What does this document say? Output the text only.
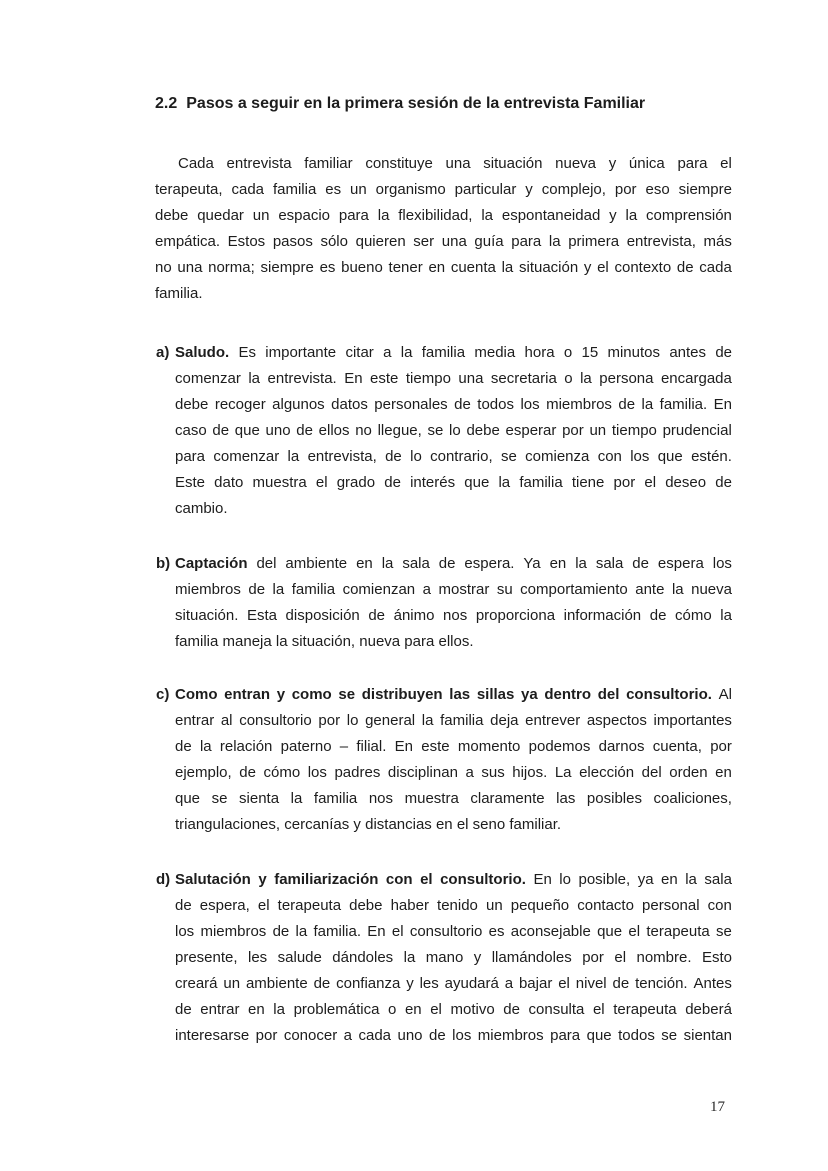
2.2 Pasos a seguir en la primera sesión de la entrevista Familiar
Cada entrevista familiar constituye una situación nueva y única para el
terapeuta, cada familia es un organismo particular y complejo, por eso siempre
debe quedar un espacio para la flexibilidad, la espontaneidad y la comprensión
empática. Estos pasos sólo quieren ser una guía para la primera entrevista, más
no una norma; siempre es bueno tener en cuenta la situación y el contexto de cada
familia.
a) Saludo. Es importante citar a la familia media hora o 15 minutos antes de
comenzar la entrevista. En este tiempo una secretaria o la persona encargada
debe recoger algunos datos personales de todos los miembros de la familia. En
caso de que uno de ellos no llegue, se lo debe esperar por un tiempo prudencial
para comenzar la entrevista, de lo contrario, se comienza con los que estén.
Este dato muestra el grado de interés que la familia tiene por el deseo de
cambio.
b) Captación del ambiente en la sala de espera. Ya en la sala de espera los
miembros de la familia comienzan a mostrar su comportamiento ante la nueva
situación. Esta disposición de ánimo nos proporciona información de cómo la
familia maneja la situación, nueva para ellos.
c) Como entran y como se distribuyen las sillas ya dentro del consultorio. Al
entrar al consultorio por lo general la familia deja entrever aspectos importantes
de la relación paterno – filial. En este momento podemos darnos cuenta, por
ejemplo, de cómo los padres disciplinan a sus hijos. La elección del orden en
que se sienta la familia nos muestra claramente las posibles coaliciones,
triangulaciones, cercanías y distancias en el seno familiar.
d) Salutación y familiarización con el consultorio. En lo posible, ya en la sala
de espera, el terapeuta debe haber tenido un pequeño contacto personal con
los miembros de la familia. En el consultorio es aconsejable que el terapeuta se
presente, les salude dándoles la mano y llamándoles por el nombre. Esto
creará un ambiente de confianza y les ayudará a bajar el nivel de tención. Antes
de entrar en la problemática o en el motivo de consulta el terapeuta deberá
interesarse por conocer a cada uno de los miembros para que todos se sientan
17
